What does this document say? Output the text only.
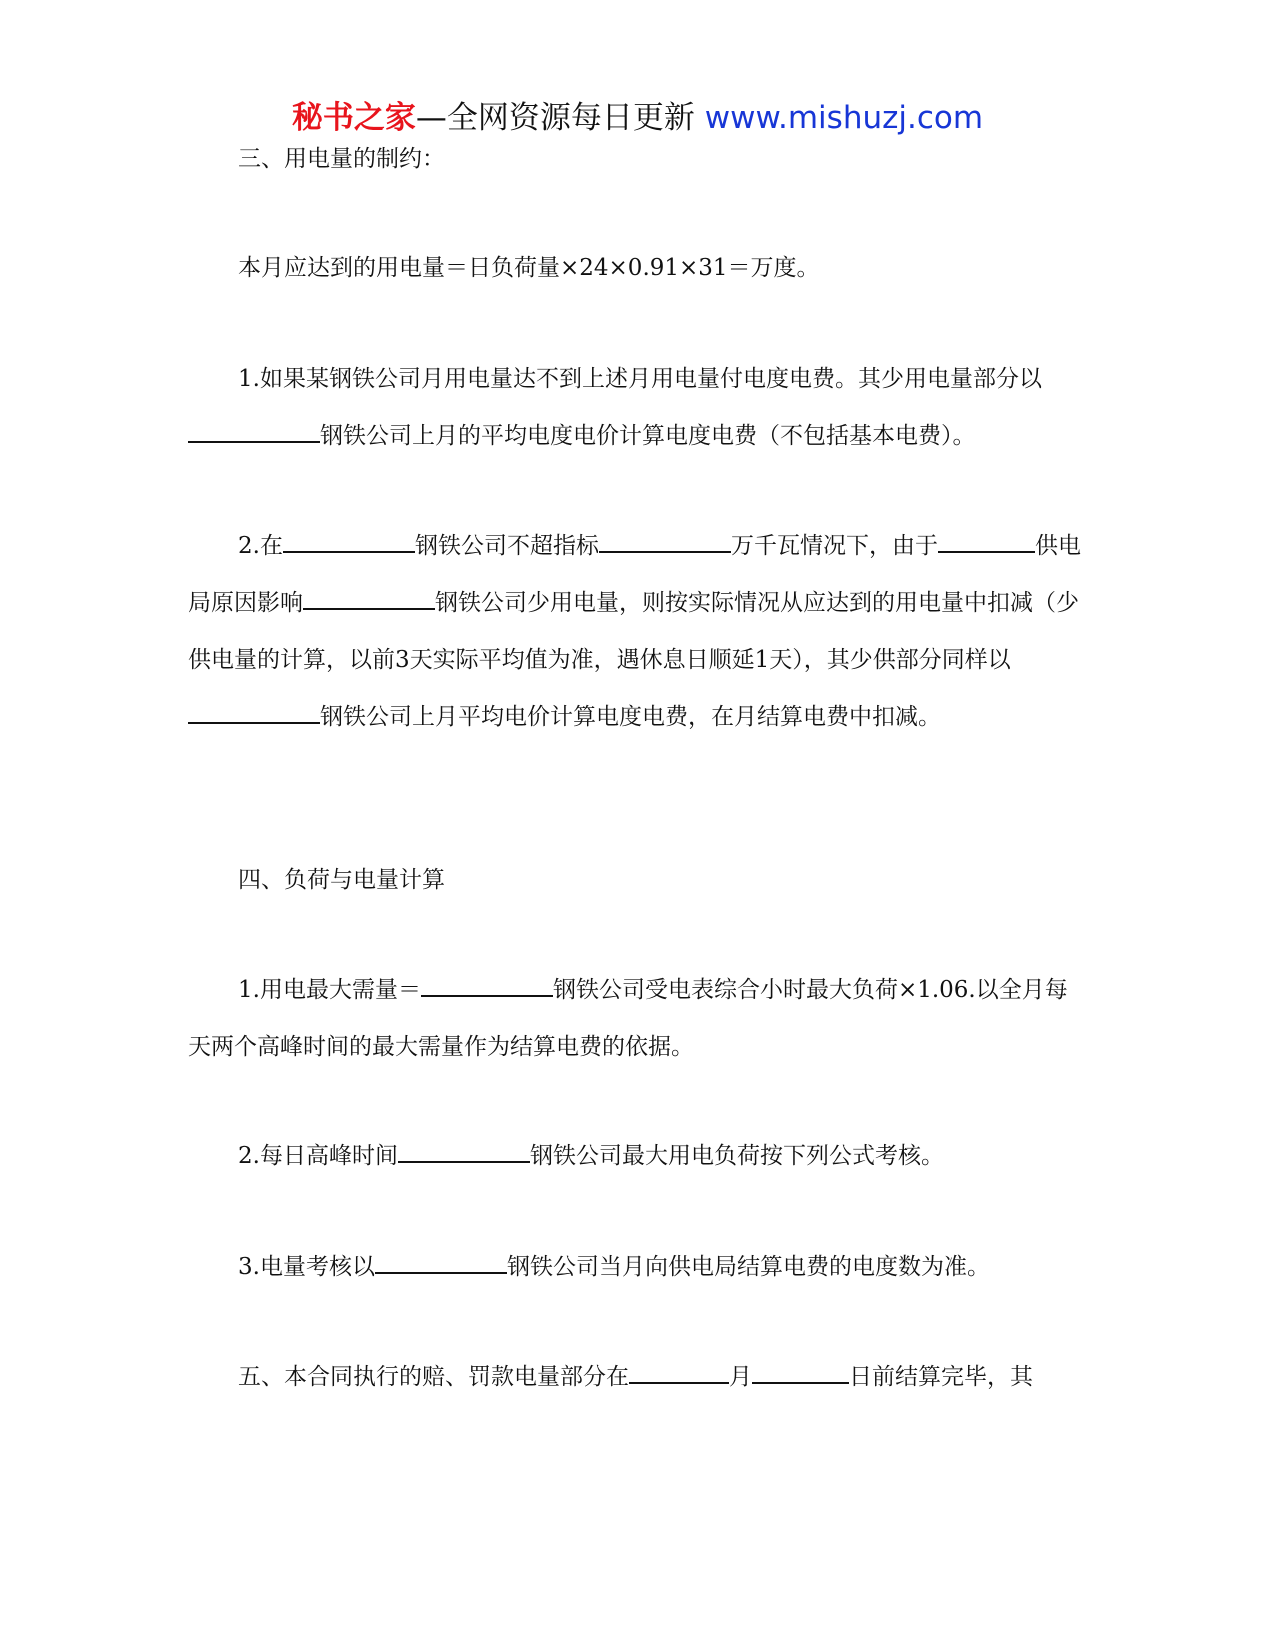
秘书之家—全网资源每日更新 www.mishuzj.com

三、用电量的制约：

本月应达到的用电量＝日负荷量×24×0.91×31＝万度。

1.如果某钢铁公司月用电量达不到上述月用电量付电度电费。其少用电量部分以钢铁公司上月的平均电度电价计算电度电费（不包括基本电费）。

2.在	钢铁公司不超指标	万千瓦情况下，由于	供电局原因影响	钢铁公司少用电量，则按实际情况从应达到的用电量中扣减（少供电量的计算，以前3天实际平均值为准，遇休息日顺延1天），其少供部分同样以钢铁公司上月平均电价计算电度电费，在月结算电费中扣减。

四、负荷与电量计算

1.用电最大需量＝	钢铁公司受电表综合小时最大负荷×1.06.以全月每天两个高峰时间的最大需量作为结算电费的依据。

2.每日高峰时间	钢铁公司最大用电负荷按下列公式考核。

3.电量考核以	钢铁公司当月向供电局结算电费的电度数为准。

五、本合同执行的赔、罚款电量部分在	月	日前结算完毕，其
